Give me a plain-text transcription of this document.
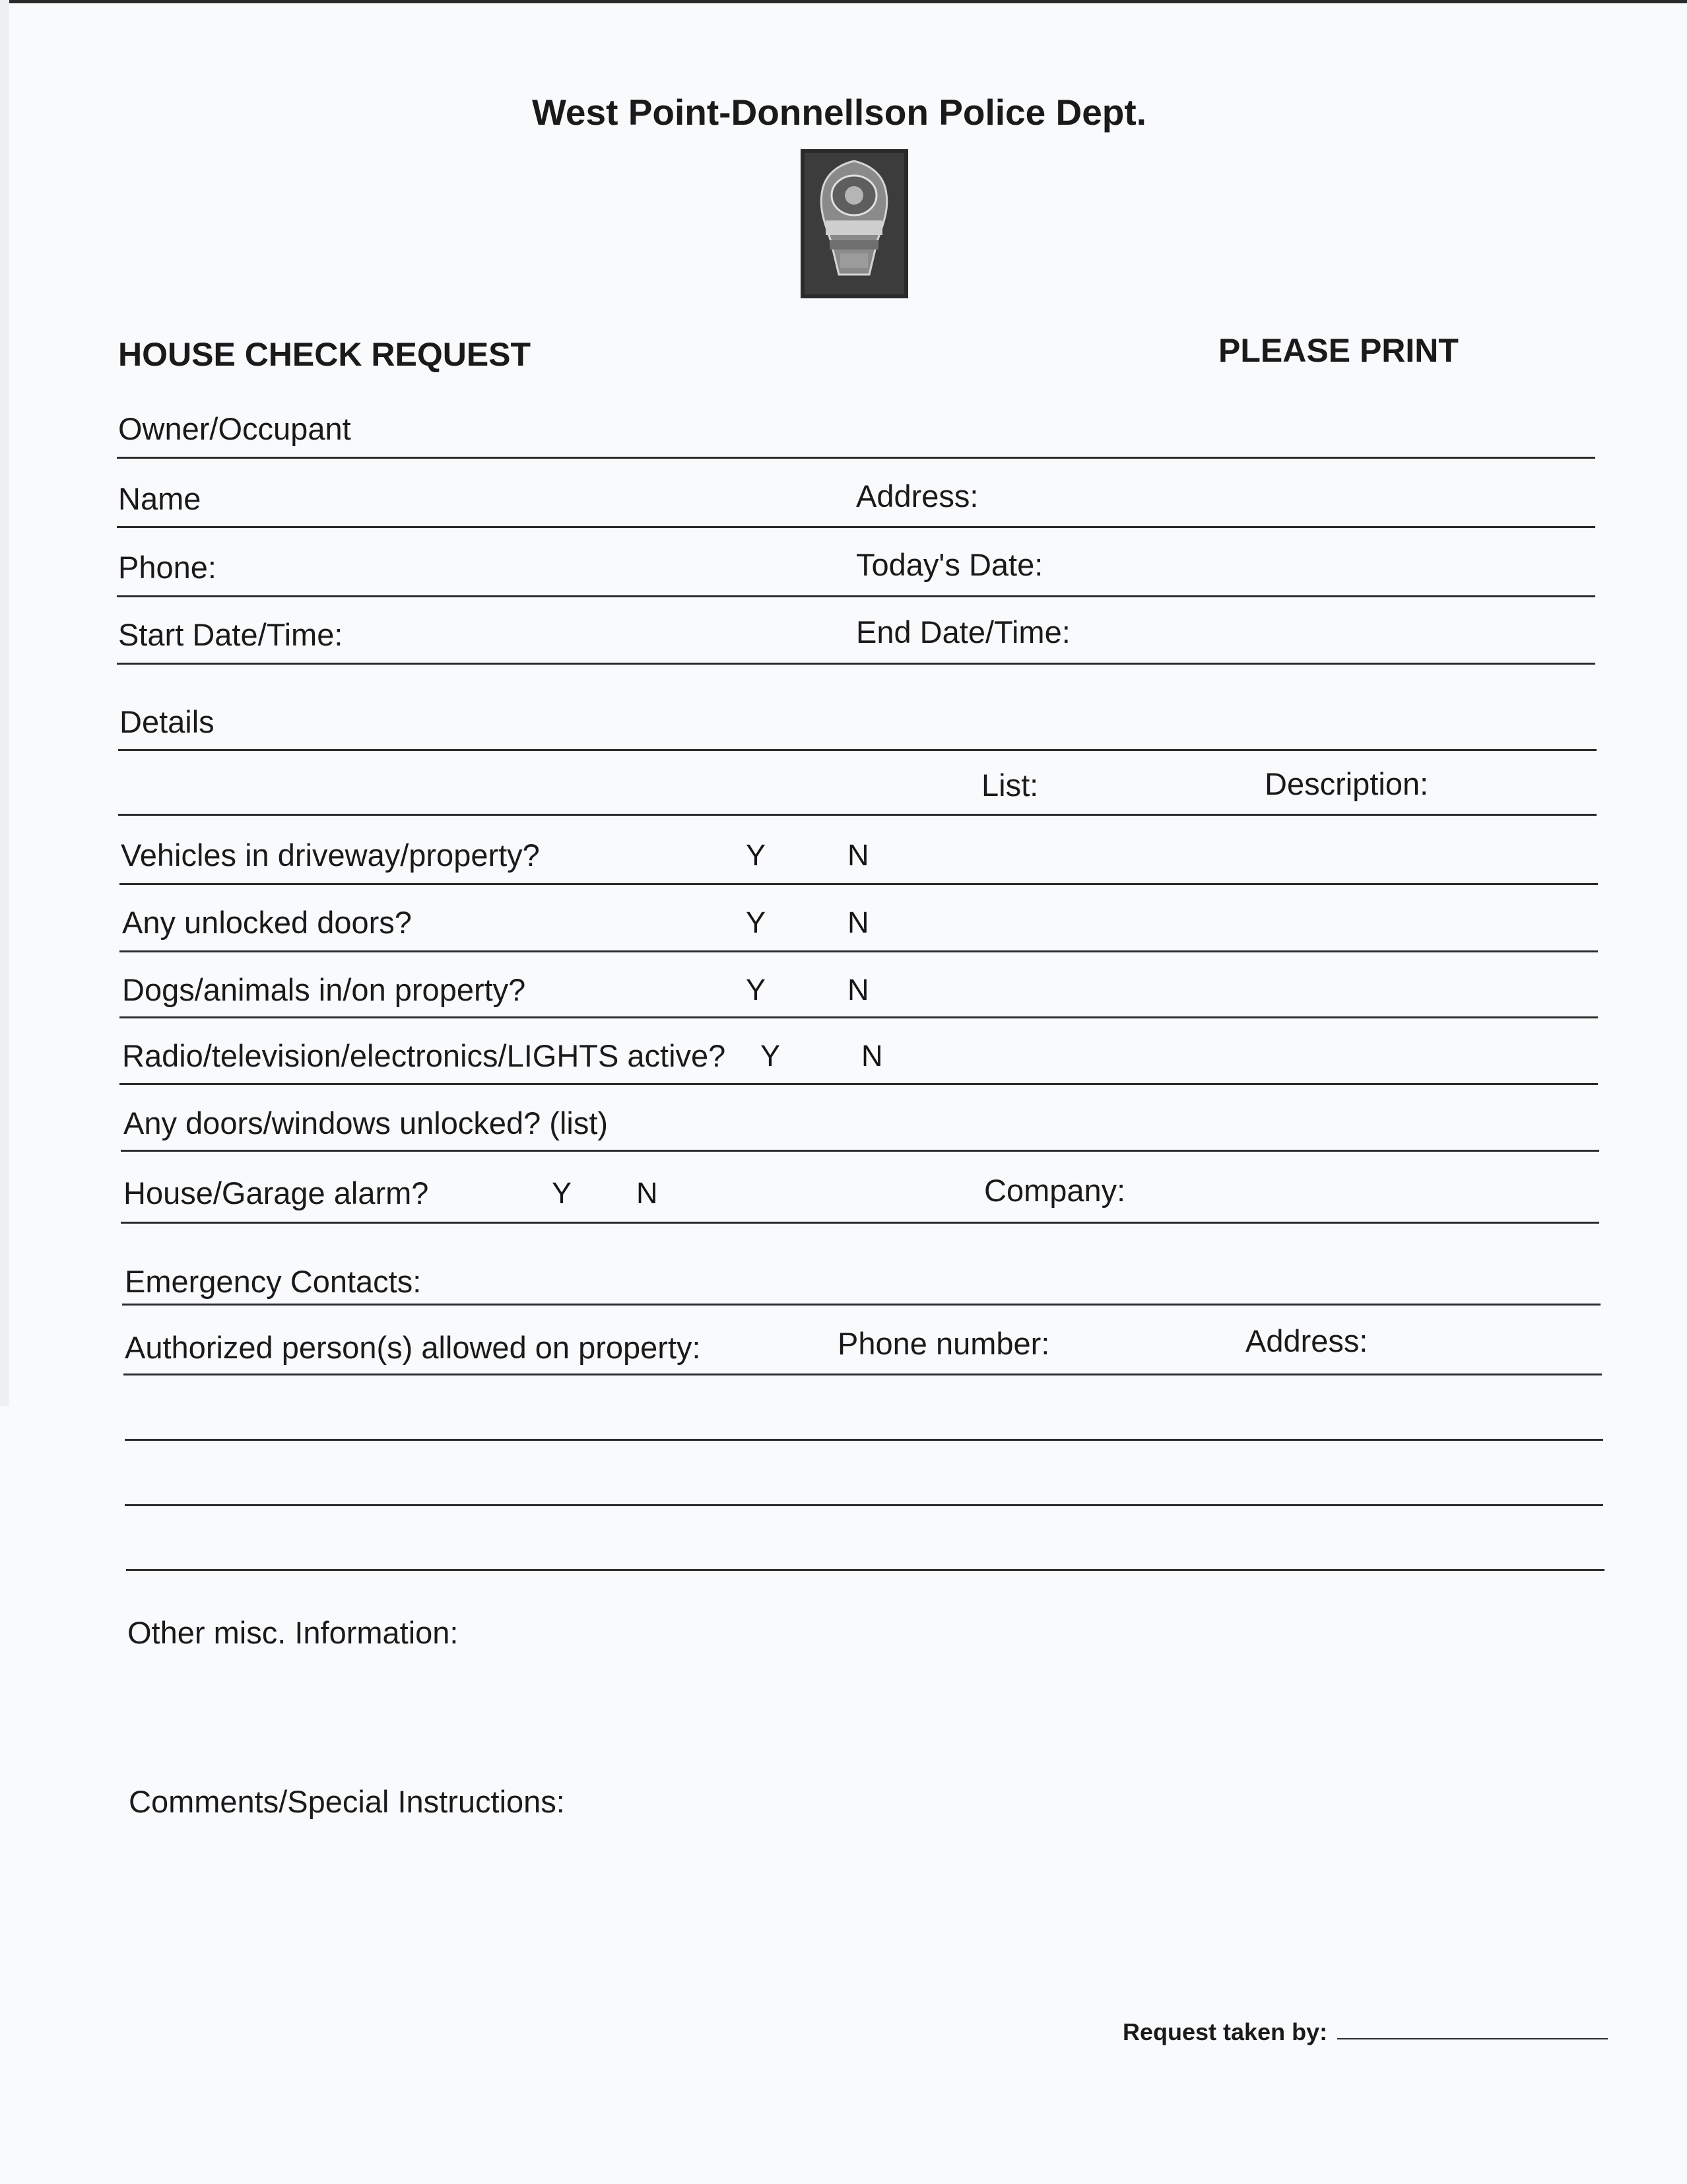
West Point-Donnellson Police Dept.
HOUSE CHECK REQUEST	PLEASE PRINT
Owner/Occupant
Name	Address:
Phone:	Today's Date:
Start Date/Time:	End Date/Time:
Details
List:	Description:
Vehicles in driveway/property?	Y	N
Any unlocked doors?	Y	N
Dogs/animals in/on property?	Y	N
Radio/television/electronics/LIGHTS active? Y	N
Any doors/windows unlocked? (list)
House/Garage alarm?	Y N	Company:
Emergency Contacts:
Authorized person(s) allowed on property:	Phone number:	Address:
Other misc. Information:
Comments/Special Instructions:
Request taken by:
